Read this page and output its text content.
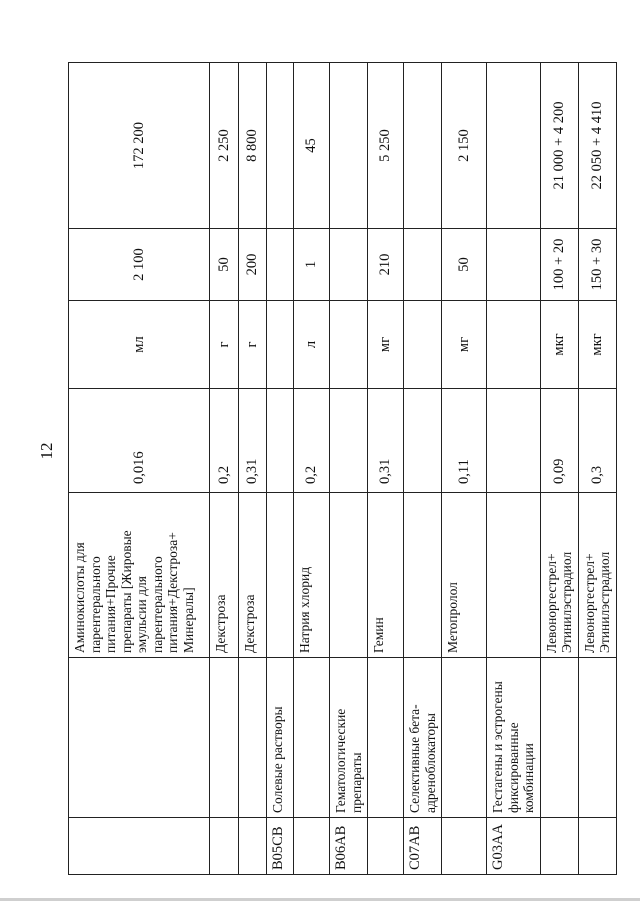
12
		Аминокислоты для парентерального питания+Прочие препараты [Жировые эмульсии для парентерального питания+Декстроза+ Минералы]	0,016	мл	2 100	172 200
		Декстроза	0,2	г	50	2 250
		Декстроза	0,31	г	200	8 800
B05CB	Солевые растворы					
		Натрия хлорид	0,2	л	1	45
B06AB	Гематологические препараты					
		Гемин	0,31	мг	210	5 250
C07AB	Селективные бета-адреноблокаторы					
		Метопролол	0,11	мг	50	2 150
G03AA	Гестагены и эстрогены фиксированные комбинации					
		Левоноргестрел+ Этинилэстрадиол	0,09	мкг	100 + 20	21 000 + 4 200
		Левоноргестрел+ Этинилэстрадиол	0,3	мкг	150 + 30	22 050 + 4 410
